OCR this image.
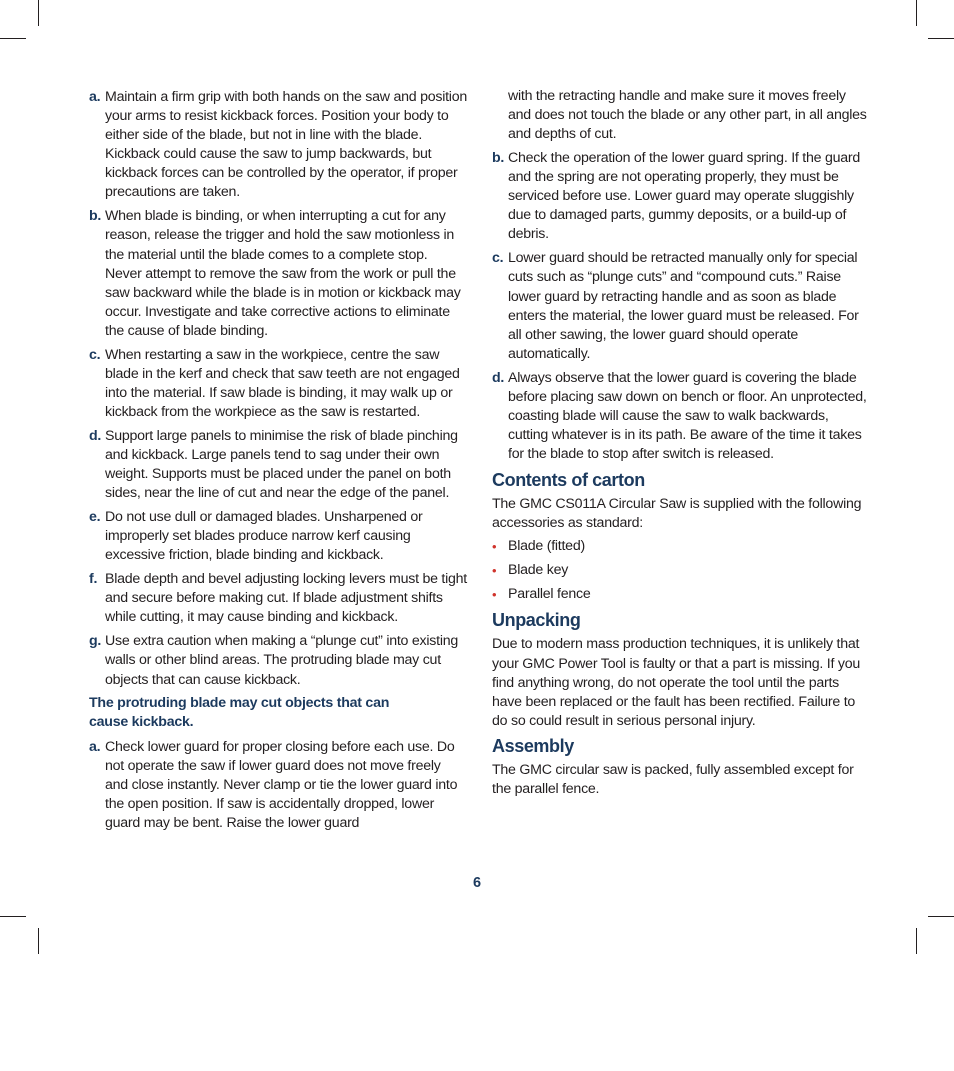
a. Maintain a firm grip with both hands on the saw and position your arms to resist kickback forces. Position your body to either side of the blade, but not in line with the blade. Kickback could cause the saw to jump backwards, but kickback forces can be controlled by the operator, if proper precautions are taken.
b. When blade is binding, or when interrupting a cut for any reason, release the trigger and hold the saw motionless in the material until the blade comes to a complete stop. Never attempt to remove the saw from the work or pull the saw backward while the blade is in motion or kickback may occur. Investigate and take corrective actions to eliminate the cause of blade binding.
c. When restarting a saw in the workpiece, centre the saw blade in the kerf and check that saw teeth are not engaged into the material. If saw blade is binding, it may walk up or kickback from the workpiece as the saw is restarted.
d. Support large panels to minimise the risk of blade pinching and kickback. Large panels tend to sag under their own weight. Supports must be placed under the panel on both sides, near the line of cut and near the edge of the panel.
e. Do not use dull or damaged blades. Unsharpened or improperly set blades produce narrow kerf causing excessive friction, blade binding and kickback.
f. Blade depth and bevel adjusting locking levers must be tight and secure before making cut. If blade adjustment shifts while cutting, it may cause binding and kickback.
g. Use extra caution when making a “plunge cut” into existing walls or other blind areas. The protruding blade may cut objects that can cause kickback.
The protruding blade may cut objects that can cause kickback.
a. Check lower guard for proper closing before each use. Do not operate the saw if lower guard does not move freely and close instantly. Never clamp or tie the lower guard into the open position. If saw is accidentally dropped, lower guard may be bent. Raise the lower guard
with the retracting handle and make sure it moves freely and does not touch the blade or any other part, in all angles and depths of cut.
b. Check the operation of the lower guard spring. If the guard and the spring are not operating properly, they must be serviced before use. Lower guard may operate sluggishly due to damaged parts, gummy deposits, or a build-up of debris.
c. Lower guard should be retracted manually only for special cuts such as “plunge cuts” and “compound cuts.” Raise lower guard by retracting handle and as soon as blade enters the material, the lower guard must be released. For all other sawing, the lower guard should operate automatically.
d. Always observe that the lower guard is covering the blade before placing saw down on bench or floor. An unprotected, coasting blade will cause the saw to walk backwards, cutting whatever is in its path. Be aware of the time it takes for the blade to stop after switch is released.
Contents of carton
The GMC CS011A Circular Saw is supplied with the following accessories as standard:
• Blade (fitted)
• Blade key
• Parallel fence
Unpacking
Due to modern mass production techniques, it is unlikely that your GMC Power Tool is faulty or that a part is missing. If you find anything wrong, do not operate the tool until the parts have been replaced or the fault has been rectified. Failure to do so could result in serious personal injury.
Assembly
The GMC circular saw is packed, fully assembled except for the parallel fence.
6
